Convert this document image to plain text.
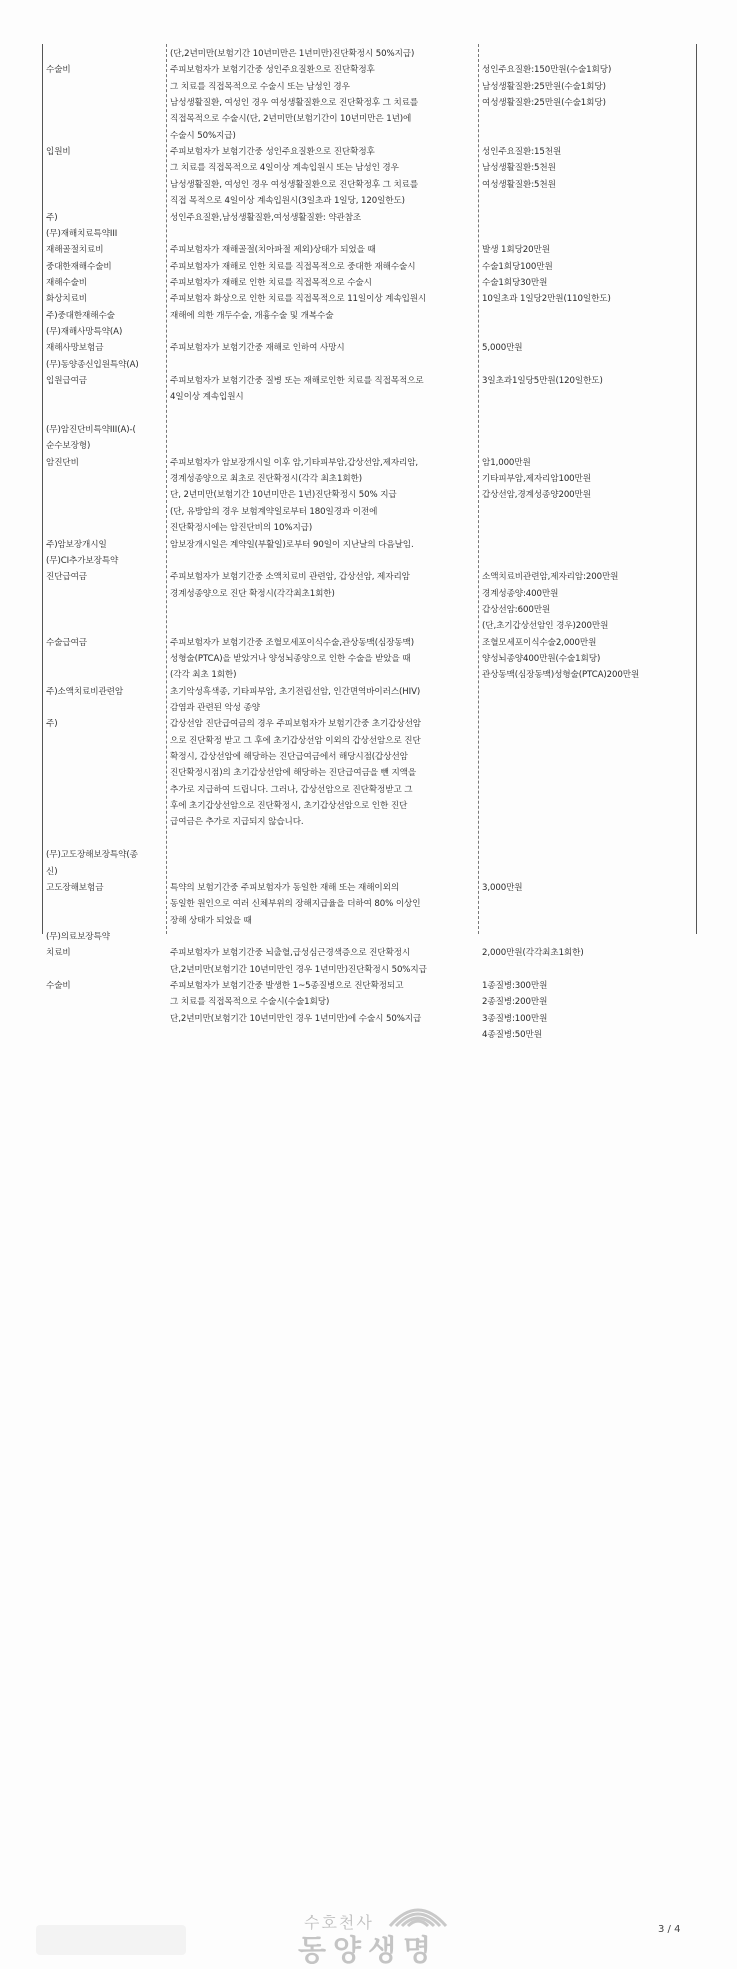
(단,2년미만(보험기간 10년미만은 1년미만)진단확정시 50%지급)
수술비	주피보험자가 보험기간중 성인주요질환으로 진단확정후	성인주요질환:150만원(수술1회당)
그 치료를 직접목적으로 수술시 또는 남성인 경우	남성생활질환:25만원(수술1회당)
남성생활질환, 여성인 경우 여성생활질환으로 진단확정후 그 치료를	여성생활질환:25만원(수술1회당)
직접목적으로 수술시(단, 2년미만(보험기간이 10년미만은 1년)에
수술시 50%지급)
입원비	주피보험자가 보험기간중 성인주요질환으로 진단확정후	성인주요질환:15천원
그 치료를 직접목적으로 4일이상 계속입원시 또는 남성인 경우	남성생활질환:5천원
남성생활질환, 여성인 경우 여성생활질환으로 진단확정후 그 치료를	여성생활질환:5천원
직접 목적으로 4일이상 계속입원시(3일초과 1일당, 120일한도)
주)	성인주요질환,남성생활질환,여성생활질환: 약관참조
(무)재해치료특약III
재해골절치료비	주피보험자가 재해골절(치아파절 제외)상태가 되었을 때	발생 1회당20만원
중대한재해수술비	주피보험자가 재해로 인한 치료를 직접목적으로 중대한 재해수술시	수술1회당100만원
재해수술비	주피보험자가 재해로 인한 치료를 직접목적으로 수술시	수술1회당30만원
화상치료비	주피보험자 화상으로 인한 치료를 직접목적으로 11일이상 계속입원시	10일초과 1일당2만원(110일한도)
주)중대한재해수술	재해에 의한 개두수술, 개흉수술 및 개복수술
(무)재해사망특약(A)
재해사망보험금	주피보험자가 보험기간중 재해로 인하여 사망시	5,000만원
(무)동양종신입원특약(A)
입원급여금	주피보험자가 보험기간중 질병 또는 재해로인한 치료를 직접목적으로	3일초과1일당5만원(120일한도)
4일이상 계속입원시
(무)암진단비특약III(A)-(
순수보장형)
암진단비	주피보험자가 암보장개시일 이후 암,기타피부암,갑상선암,제자리암,	암1,000만원
경계성종양으로 최초로 진단확정시(각각 최초1회한)	기타피부암,제자리암100만원
단, 2년미만(보험기간 10년미만은 1년)진단확정시 50% 지급	갑상선암,경계성종양200만원
(단, 유방암의 경우 보험계약일로부터 180일경과 이전에
진단확정시에는 암진단비의 10%지급)
주)암보장개시일	암보장개시일은 계약일(부활일)로부터 90일이 지난날의 다음날임.
(무)CI추가보장특약
진단급여금	주피보험자가 보험기간중 소액치료비 관련암, 갑상선암, 제자리암	소액치료비관련암,제자리암:200만원
경계성종양으로 진단 확정시(각각최초1회한)	경계성종양:400만원
갑상선암:600만원
(단,초기갑상선암인 경우)200만원
수술급여금	주피보험자가 보험기간중 조혈모세포이식수술,관상동맥(심장동맥)	조혈모세포이식수술2,000만원
성형술(PTCA)을 받았거나 양성뇌종양으로 인한 수술을 받았을 때	양성뇌종양400만원(수술1회당)
(각각 최초 1회한)	관상동맥(심장동맥)성형술(PTCA)200만원
주)소액치료비관련암	초기악성흑색종, 기타피부암, 초기전립선암, 인간면역바이러스(HIV)
감염과 관련된 악성 종양
주)	갑상선암 진단급여금의 경우 주피보험자가 보험기간중 초기갑상선암
으로 진단확정 받고 그 후에 초기갑상선암 이외의 갑상선암으로 진단
확정시, 갑상선암에 해당하는 진단급여금에서 해당시점(갑상선암
진단확정시점)의 초기갑상선암에 해당하는 진단급여금을 뺀 지액을
추가로 지급하여 드립니다. 그러나, 갑상선암으로 진단확정받고 그
후에 초기갑상선암으로 진단확정시, 초기갑상선암으로 인한 진단
급여금은 추가로 지급되지 않습니다.
(무)고도장해보장특약(종
신)
고도장해보험금	특약의 보험기간중 주피보험자가 동일한 재해 또는 재해이외의	3,000만원
동일한 원인으로 여러 신체부위의 장해지급율을 더하여 80% 이상인
장해 상태가 되었을 때
(무)의료보장특약
치료비	주피보험자가 보험기간중 뇌출혈,급성심근경색증으로 진단확정시	2,000만원(각각최초1회한)
단,2년미만(보험기간 10년미만인 경우 1년미만)진단확정시 50%지급
수술비	주피보험자가 보험기간중 발생한 1~5종질병으로 진단확정되고	1종질병:300만원
그 치료를 직접목적으로 수술시(수술1회당)	2종질병:200만원
단,2년미만(보험기간 10년미만인 경우 1년미만)에 수술시 50%지급	3종질병:100만원
4종질병:50만원
수호천사
동양생명
3 / 4
